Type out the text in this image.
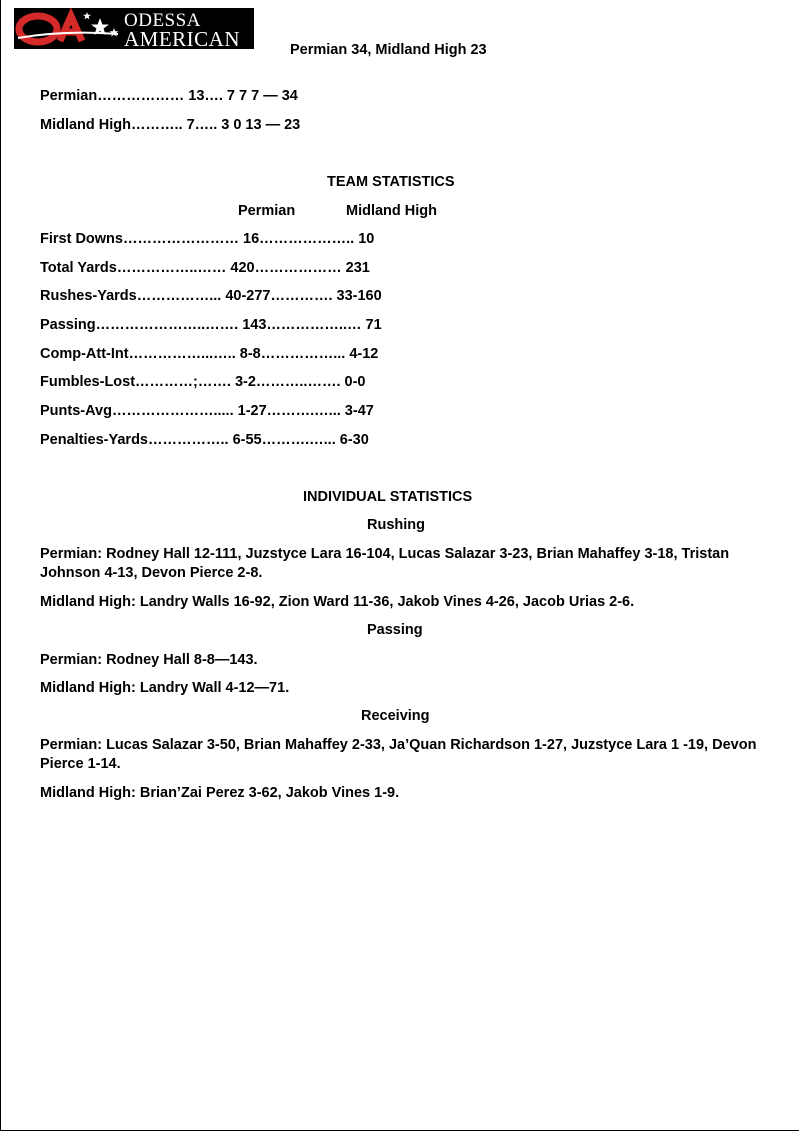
ODESSA
AMERICAN	Permian 34, Midland High 23
Permian……………… 13…. 7 7 7 — 34
Midland High……….. 7….. 3 0 13 — 23
TEAM STATISTICS
Permian	Midland High
First Downs…………………… 16……………….. 10
Total Yards……………..…… 420……………… 231
Rushes-Yards……………... 40-277…………. 33-160
Passing…………………..……. 143……………..… 71
Comp-Att-Int……………...….. 8-8……………... 4-12
Fumbles-Lost…………;……. 3-2………..……. 0-0
Punts-Avg…………………..... 1-27……….…... 3-47
Penalties-Yards…………….. 6-55……….…... 6-30
INDIVIDUAL STATISTICS
Rushing
Permian: Rodney Hall 12-111, Juzstyce Lara 16-104, Lucas Salazar 3-23, Brian Mahaffey 3-18, Tristan Johnson 4-13, Devon Pierce 2-8.
Midland High: Landry Walls 16-92, Zion Ward 11-36, Jakob Vines 4-26, Jacob Urias 2-6.
Passing
Permian: Rodney Hall 8-8—143.
Midland High: Landry Wall 4-12—71.
Receiving
Permian: Lucas Salazar 3-50, Brian Mahaffey 2-33, Ja’Quan Richardson 1-27, Juzstyce Lara 1 -19, Devon Pierce 1-14.
Midland High: Brian’Zai Perez 3-62, Jakob Vines 1-9.
